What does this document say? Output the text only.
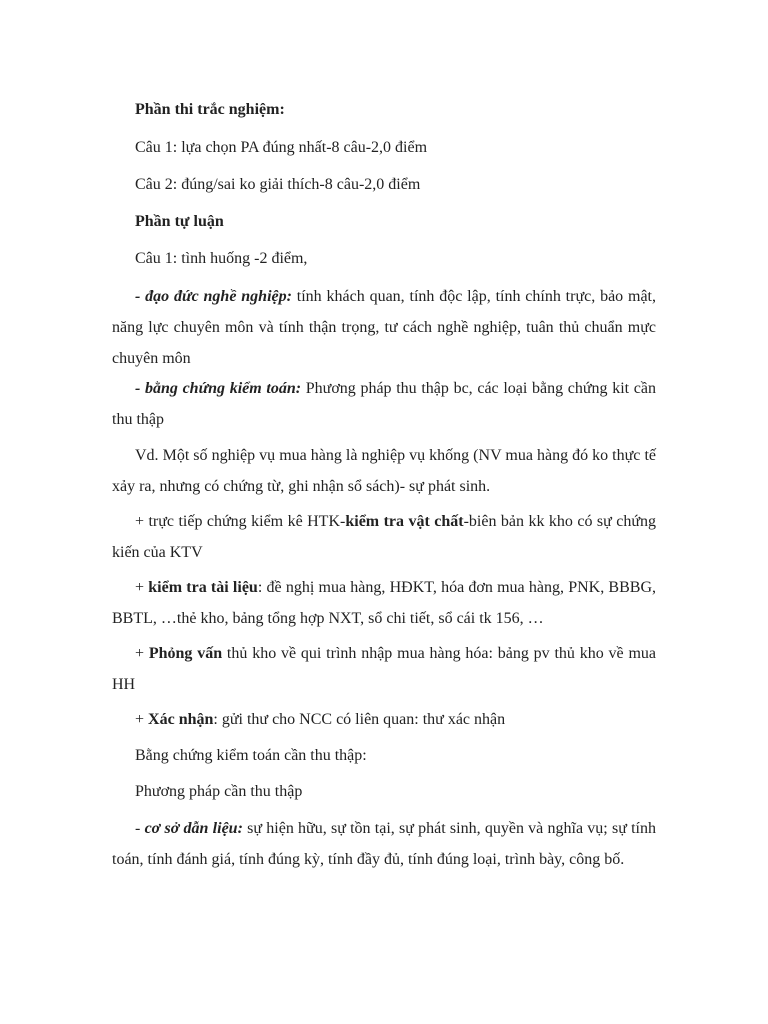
Phần thi trắc nghiệm:

Câu 1: lựa chọn PA đúng nhất-8 câu-2,0 điểm

Câu 2: đúng/sai ko giải thích-8 câu-2,0 điểm

Phần tự luận

Câu 1: tình huống -2 điểm,

- đạo đức nghề nghiệp: tính khách quan, tính độc lập, tính chính trực, bảo mật, năng lực chuyên môn và tính thận trọng, tư cách nghề nghiệp, tuân thủ chuẩn mực chuyên môn

- bằng chứng kiểm toán: Phương pháp thu thập bc, các loại bằng chứng kit cần thu thập

Vd. Một số nghiệp vụ mua hàng là nghiệp vụ khống (NV mua hàng đó ko thực tế xảy ra, nhưng có chứng từ, ghi nhận sổ sách)- sự phát sinh.

+ trực tiếp chứng kiểm kê HTK-kiểm tra vật chất-biên bản kk kho có sự chứng kiến của KTV

+ kiểm tra tài liệu: đề nghị mua hàng, HĐKT, hóa đơn mua hàng, PNK, BBBG, BBTL, …thẻ kho, bảng tổng hợp NXT, sổ chi tiết, sổ cái tk 156, …

+ Phỏng vấn thủ kho về qui trình nhập mua hàng hóa: bảng pv thủ kho về mua HH

+ Xác nhận: gửi thư cho NCC có liên quan: thư xác nhận

Bằng chứng kiểm toán cần thu thập:

Phương pháp cần thu thập

- cơ sở dẫn liệu: sự hiện hữu, sự tồn tại, sự phát sinh, quyền và nghĩa vụ; sự tính toán, tính đánh giá, tính đúng kỳ, tính đầy đủ, tính đúng loại, trình bày, công bố.
